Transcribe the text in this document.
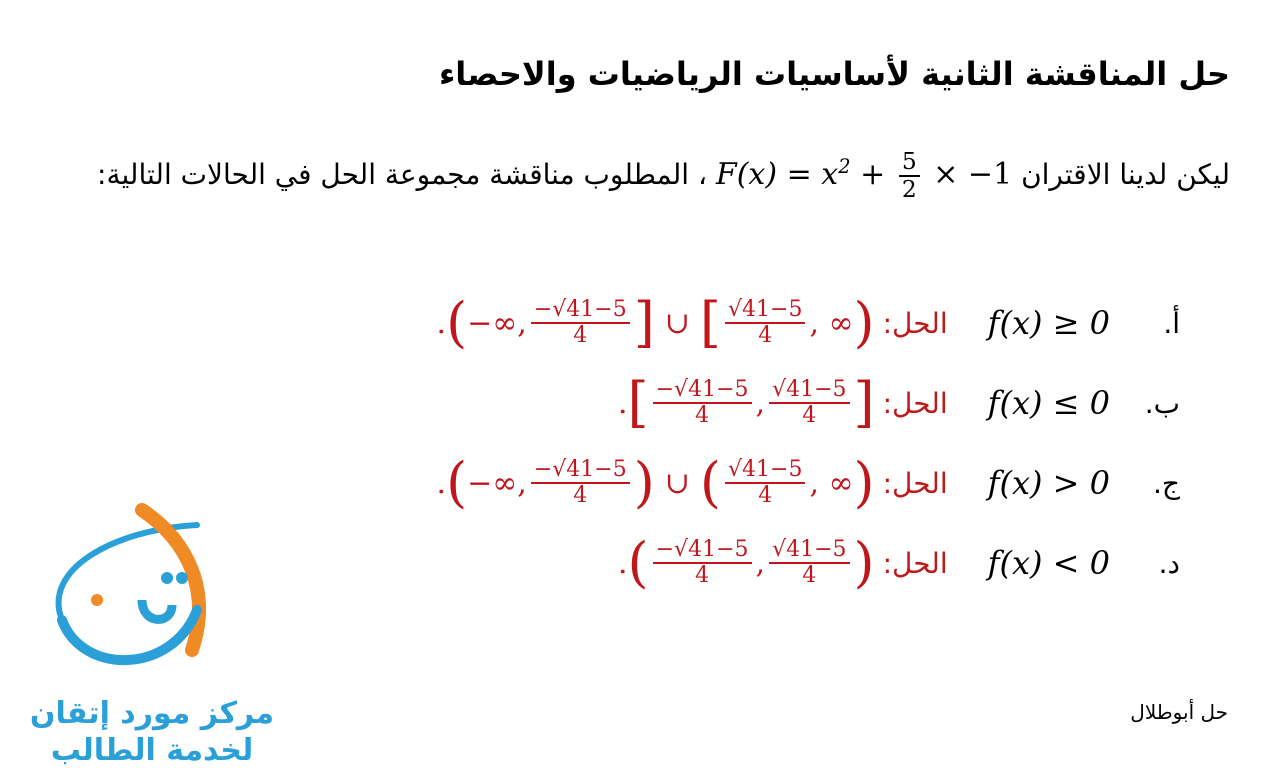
حل المناقشة الثانية لأساسيات الرياضيات والاحصاء
ليكن لدينا الاقتران $F(x) = x^2 + \frac{5}{2} \times -1$ ، المطلوب مناقشة مجموعة الحل في الحالات التالية:
أ.
f(x) ≥ 0
الحل:
. ( −∞, $\frac{-√41-5}{4}$ ] ∪ [ $\frac{√41-5}{4}$ , ∞ )
ب.
f(x) ≤ 0
الحل:
. [ $\frac{-√41-5}{4}$ , $\frac{√41-5}{4}$ ]
ج.
f(x) > 0
الحل:
. ( −∞, $\frac{-√41-5}{4}$ ) ∪ ( $\frac{√41-5}{4}$ , ∞ )
د.
f(x) < 0
الحل:
. ( $\frac{-√41-5}{4}$ , $\frac{√41-5}{4}$ )
حل أبوطلال
مركز مورد إتقان
لخدمة الطالب
